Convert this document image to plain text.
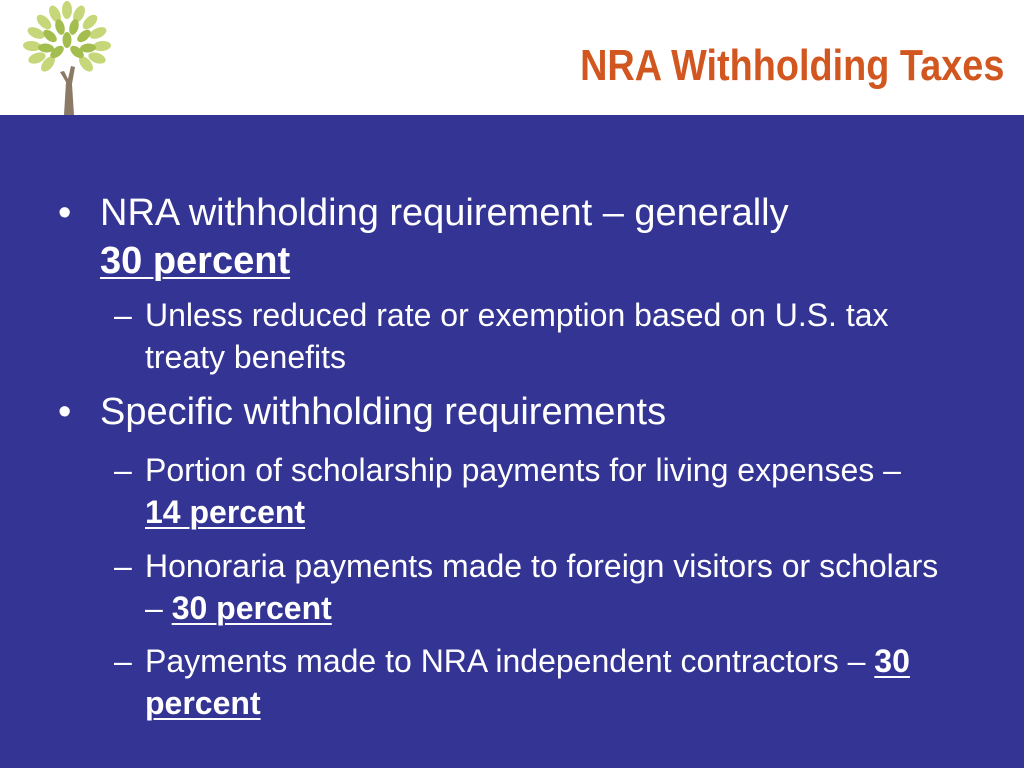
NRA Withholding Taxes
• NRA withholding requirement – generally
30 percent
– Unless reduced rate or exemption based on U.S. tax treaty benefits
• Specific withholding requirements
– Portion of scholarship payments for living expenses – 14 percent
– Honoraria payments made to foreign visitors or scholars – 30 percent
– Payments made to NRA independent contractors – 30 percent
